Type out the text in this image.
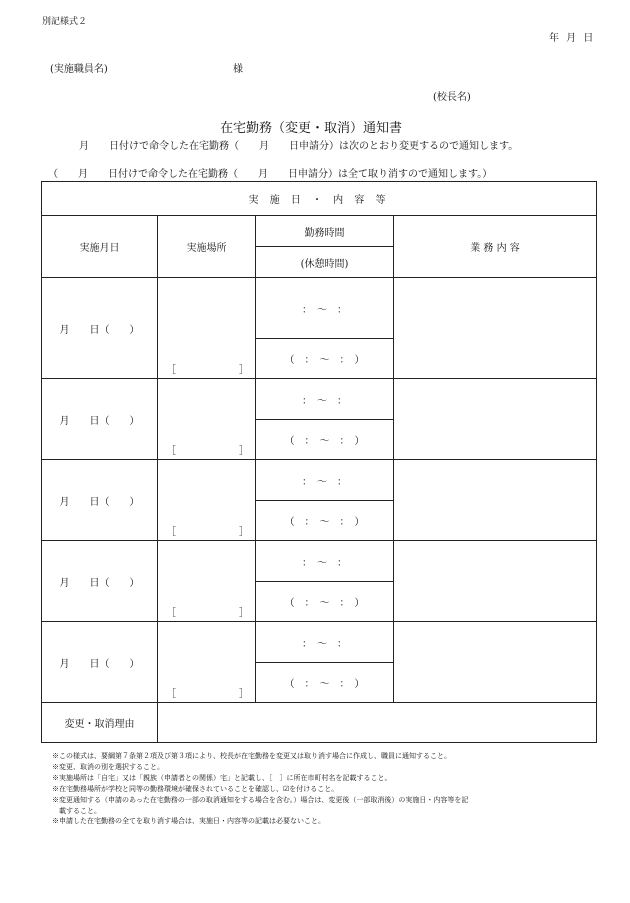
別記様式２
年 月 日
(実施職員名)	様
(校長名)
在宅勤務（変更・取消）通知書
月　　日付けで命令した在宅勤務（　　月　　日申請分）は次のとおり変更するので通知します。
（　　月　　日付けで命令した在宅勤務（　　月　　日申請分）は全て取り消すので通知します。）
実 施 日 ・ 内 容 等			
実施月日	実施場所	勤務時間	業 務 内 容
		(休憩時間)	
月　　日（　　）	［ ］	：　～　：	
		（　：　～　：　）	
月　　日（　　）	［ ］	：　～　：	
		（　：　～　：　）	
月　　日（　　）	［ ］	：　～　：	
		（　：　～　：　）	
月　　日（　　）	［ ］	：　～　：	
		（　：　～　：　）	
月　　日（　　）	［ ］	：　～　：	
		（　：　～　：　）	
変更・取消理由			
※この様式は、要綱第７条第２項及び第３項により、校長が在宅勤務を変更又は取り消す場合に作成し、職員に通知すること。
※変更、取消の別を選択すること。
※実施場所は「自宅」又は「親族（申請者との関係）宅」と記載し、［　］に所在市町村名を記載すること。
※在宅勤務場所が学校と同等の勤務環境が確保されていることを確認し、☑を付けること。
※変更通知する（申請のあった在宅勤務の一部の取消通知をする場合を含む。）場合は、変更後（一部取消後）の実施日・内容等を記
載すること。
※申請した在宅勤務の全てを取り消す場合は、実施日・内容等の記載は必要ないこと。
